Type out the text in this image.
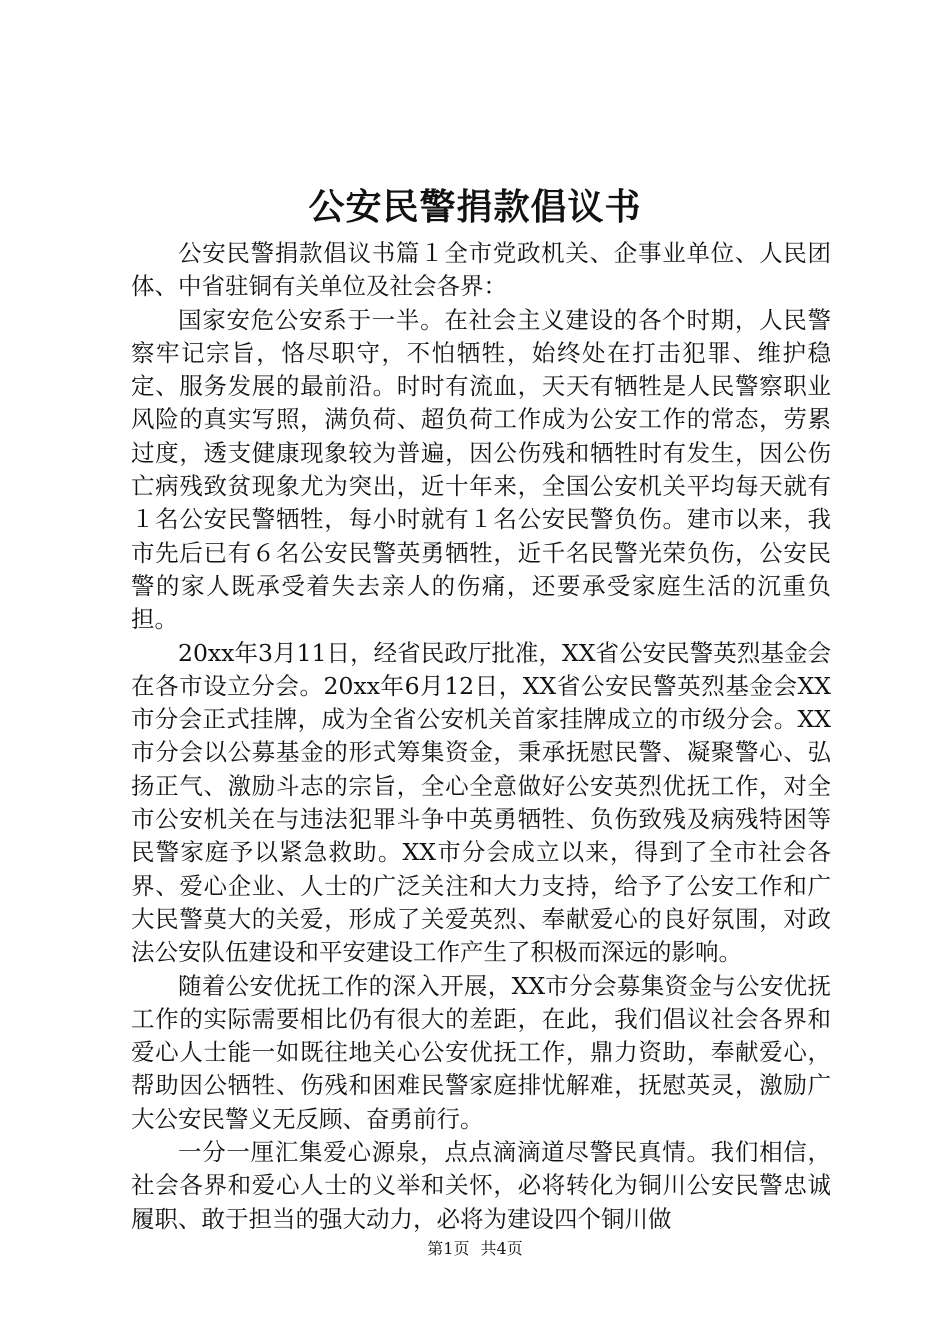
公安民警捐款倡议书

公安民警捐款倡议书篇１全市党政机关、企事业单位、人民团体、中省驻铜有关单位及社会各界：

国家安危公安系于一半。在社会主义建设的各个时期，人民警察牢记宗旨，恪尽职守，不怕牺牲，始终处在打击犯罪、维护稳定、服务发展的最前沿。时时有流血，天天有牺牲是人民警察职业风险的真实写照，满负荷、超负荷工作成为公安工作的常态，劳累过度，透支健康现象较为普遍，因公伤残和牺牲时有发生，因公伤亡病残致贫现象尤为突出，近十年来，全国公安机关平均每天就有１名公安民警牺牲，每小时就有１名公安民警负伤。建市以来，我市先后已有６名公安民警英勇牺牲，近千名民警光荣负伤，公安民警的家人既承受着失去亲人的伤痛，还要承受家庭生活的沉重负担。

20xx年3月11日，经省民政厅批准，XX省公安民警英烈基金会在各市设立分会。20xx年6月12日，XX省公安民警英烈基金会XX市分会正式挂牌，成为全省公安机关首家挂牌成立的市级分会。XX市分会以公募基金的形式筹集资金，秉承抚慰民警、凝聚警心、弘扬正气、激励斗志的宗旨，全心全意做好公安英烈优抚工作，对全市公安机关在与违法犯罪斗争中英勇牺牲、负伤致残及病残特困等民警家庭予以紧急救助。XX市分会成立以来，得到了全市社会各界、爱心企业、人士的广泛关注和大力支持，给予了公安工作和广大民警莫大的关爱，形成了关爱英烈、奉献爱心的良好氛围，对政法公安队伍建设和平安建设工作产生了积极而深远的影响。

随着公安优抚工作的深入开展，XX市分会募集资金与公安优抚工作的实际需要相比仍有很大的差距，在此，我们倡议社会各界和爱心人士能一如既往地关心公安优抚工作，鼎力资助，奉献爱心，帮助因公牺牲、伤残和困难民警家庭排忧解难，抚慰英灵，激励广大公安民警义无反顾、奋勇前行。

一分一厘汇集爱心源泉，点点滴滴道尽警民真情。我们相信，社会各界和爱心人士的义举和关怀，必将转化为铜川公安民警忠诚履职、敢于担当的强大动力，必将为建设四个铜川做

第1页 共4页
